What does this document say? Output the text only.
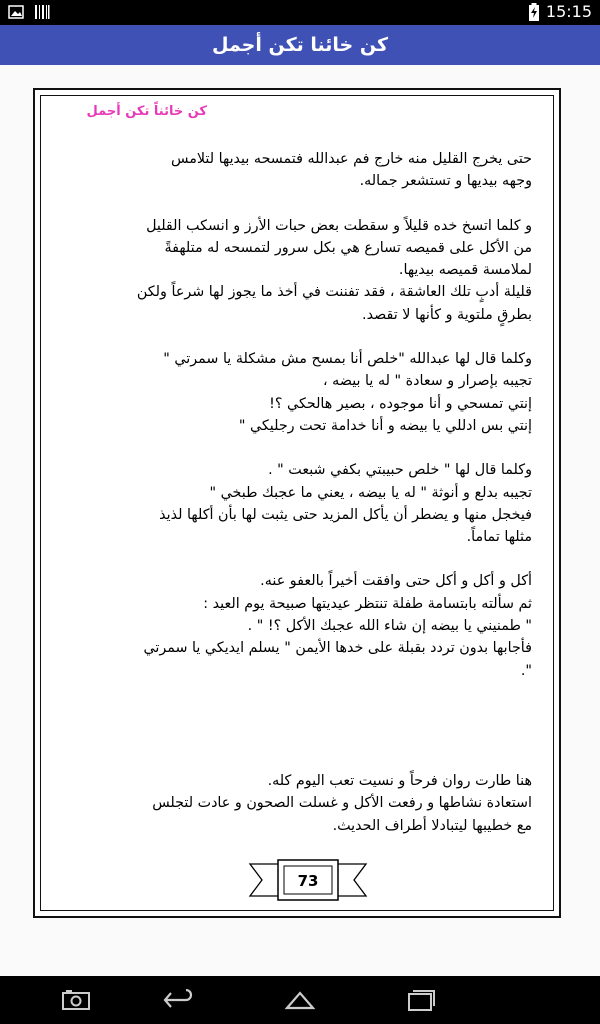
15:15
كن خائنا تكن أجمل
كن خائناً تكن أجمل

حتى يخرج القليل منه خارج فم عبدالله فتمسحه بيديها لتلامس
وجهه بيديها و تستشعر جماله.

و كلما اتسخ خده قليلاً و سقطت بعض حبات الأرز و انسكب القليل
من الأكل على قميصه تسارع هي بكل سرور لتمسحه له متلهفةً
لملامسة قميصه بيديها.
قليلة أدبٍ تلك العاشقة ، فقد تفننت في أخذ ما يجوز لها شرعاً ولكن
بطرقٍ ملتوية و كأنها لا تقصد.

وكلما قال لها عبدالله "خلص أنا بمسح مش مشكلة يا سمرتي "
تجيبه بإصرار و سعادة " له يا بيضه ،
إنتي تمسحي و أنا موجوده ، بصير هالحكي ؟!
إنتي بس ادللي يا بيضه و أنا خدامة تحت رجليكي "

وكلما قال لها " خلص حبيبتي بكفي شبعت " .
تجيبه بدلع و أنوثة " له يا بيضه ، يعني ما عجبك طبخي "
فيخجل منها و يضطر أن يأكل المزيد حتى يثبت لها بأن أكلها لذيذ
مثلها تماماً.

أكل و أكل و أكل حتى وافقت أخيراً بالعفو عنه.
ثم سألته بابتسامة طفلة تنتظر عيديتها صبيحة يوم العيد :
" طمنيني يا بيضه إن شاء الله عجبك الأكل ؟! " .
فأجابها بدون تردد بقبلة على خدها الأيمن " يسلم ايديكي يا سمرتي
".

هنا طارت روان فرحاً و نسيت تعب اليوم كله.
استعادة نشاطها و رفعت الأكل و غسلت الصحون و عادت لتجلس
مع خطيبها ليتبادلا أطراف الحديث.

73
